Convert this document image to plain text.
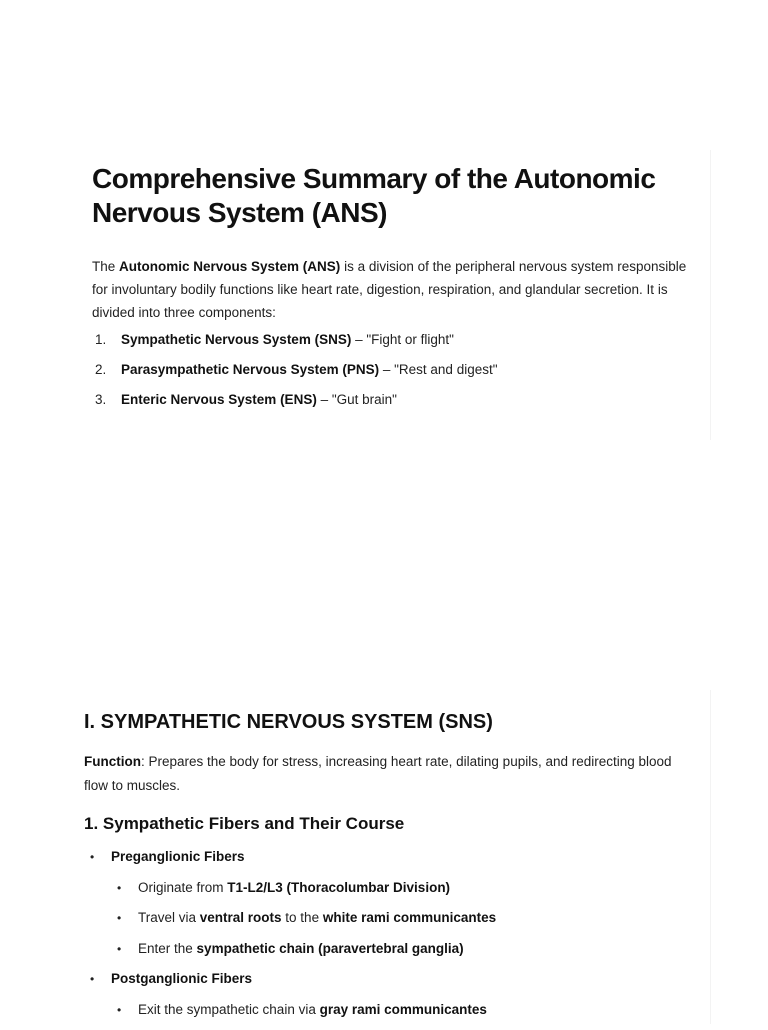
Comprehensive Summary of the Autonomic Nervous System (ANS)

The Autonomic Nervous System (ANS) is a division of the peripheral nervous system responsible for involuntary bodily functions like heart rate, digestion, respiration, and glandular secretion. It is divided into three components:

1.	Sympathetic Nervous System (SNS) – "Fight or flight"
2.	Parasympathetic Nervous System (PNS) – "Rest and digest"
3.	Enteric Nervous System (ENS) – "Gut brain"
I. SYMPATHETIC NERVOUS SYSTEM (SNS)

Function: Prepares the body for stress, increasing heart rate, dilating pupils, and redirecting blood flow to muscles.

1. Sympathetic Fibers and Their Course
•	Preganglionic Fibers
•	Originate from T1-L2/L3 (Thoracolumbar Division)
•	Travel via ventral roots to the white rami communicantes
•	Enter the sympathetic chain (paravertebral ganglia)
•	Postganglionic Fibers
•	Exit the sympathetic chain via gray rami communicantes
